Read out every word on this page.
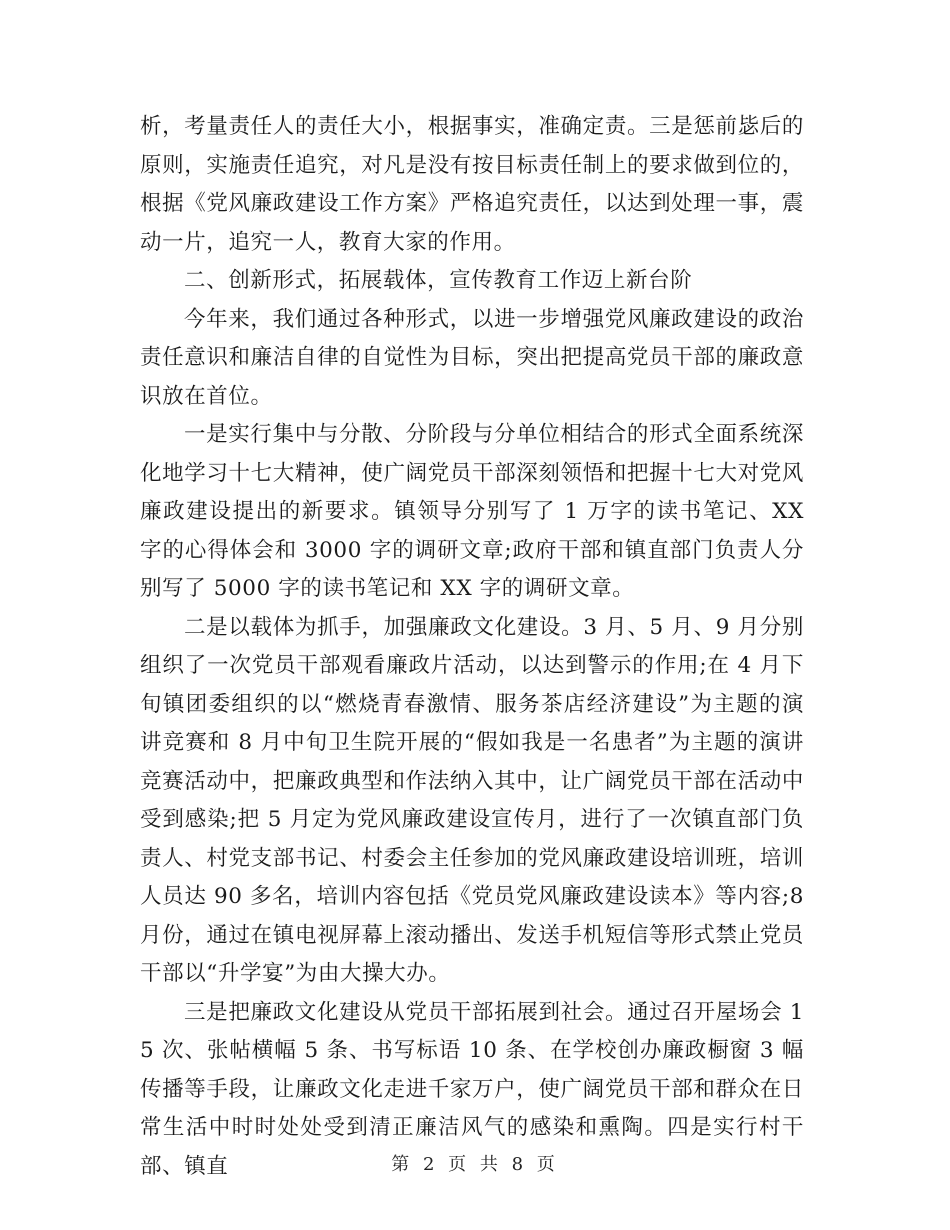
析，考量责任人的责任大小，根据事实，准确定责。三是惩前毖后的原则，实施责任追究，对凡是没有按目标责任制上的要求做到位的，根据《党风廉政建设工作方案》严格追究责任，以达到处理一事，震动一片，追究一人，教育大家的作用。

二、创新形式，拓展载体，宣传教育工作迈上新台阶

今年来，我们通过各种形式，以进一步增强党风廉政建设的政治责任意识和廉洁自律的自觉性为目标，突出把提高党员干部的廉政意识放在首位。

一是实行集中与分散、分阶段与分单位相结合的形式全面系统深化地学习十七大精神，使广阔党员干部深刻领悟和把握十七大对党风廉政建设提出的新要求。镇领导分别写了 1 万字的读书笔记、XX 字的心得体会和 3000 字的调研文章;政府干部和镇直部门负责人分别写了 5000 字的读书笔记和 XX 字的调研文章。

二是以载体为抓手，加强廉政文化建设。3 月、5 月、9 月分别组织了一次党员干部观看廉政片活动，以达到警示的作用;在 4 月下旬镇团委组织的以“燃烧青春激情、服务茶店经济建设”为主题的演讲竞赛和 8 月中旬卫生院开展的“假如我是一名患者”为主题的演讲竞赛活动中，把廉政典型和作法纳入其中，让广阔党员干部在活动中受到感染;把 5 月定为党风廉政建设宣传月，进行了一次镇直部门负责人、村党支部书记、村委会主任参加的党风廉政建设培训班，培训人员达 90 多名，培训内容包括《党员党风廉政建设读本》等内容;8 月份，通过在镇电视屏幕上滚动播出、发送手机短信等形式禁止党员干部以“升学宴”为由大操大办。

三是把廉政文化建设从党员干部拓展到社会。通过召开屋场会 15 次、张帖横幅 5 条、书写标语 10 条、在学校创办廉政橱窗 3 幅传播等手段，让廉政文化走进千家万户，使广阔党员干部和群众在日常生活中时时处处受到清正廉洁风气的感染和熏陶。四是实行村干部、镇直	第 2 页 共 8 页
